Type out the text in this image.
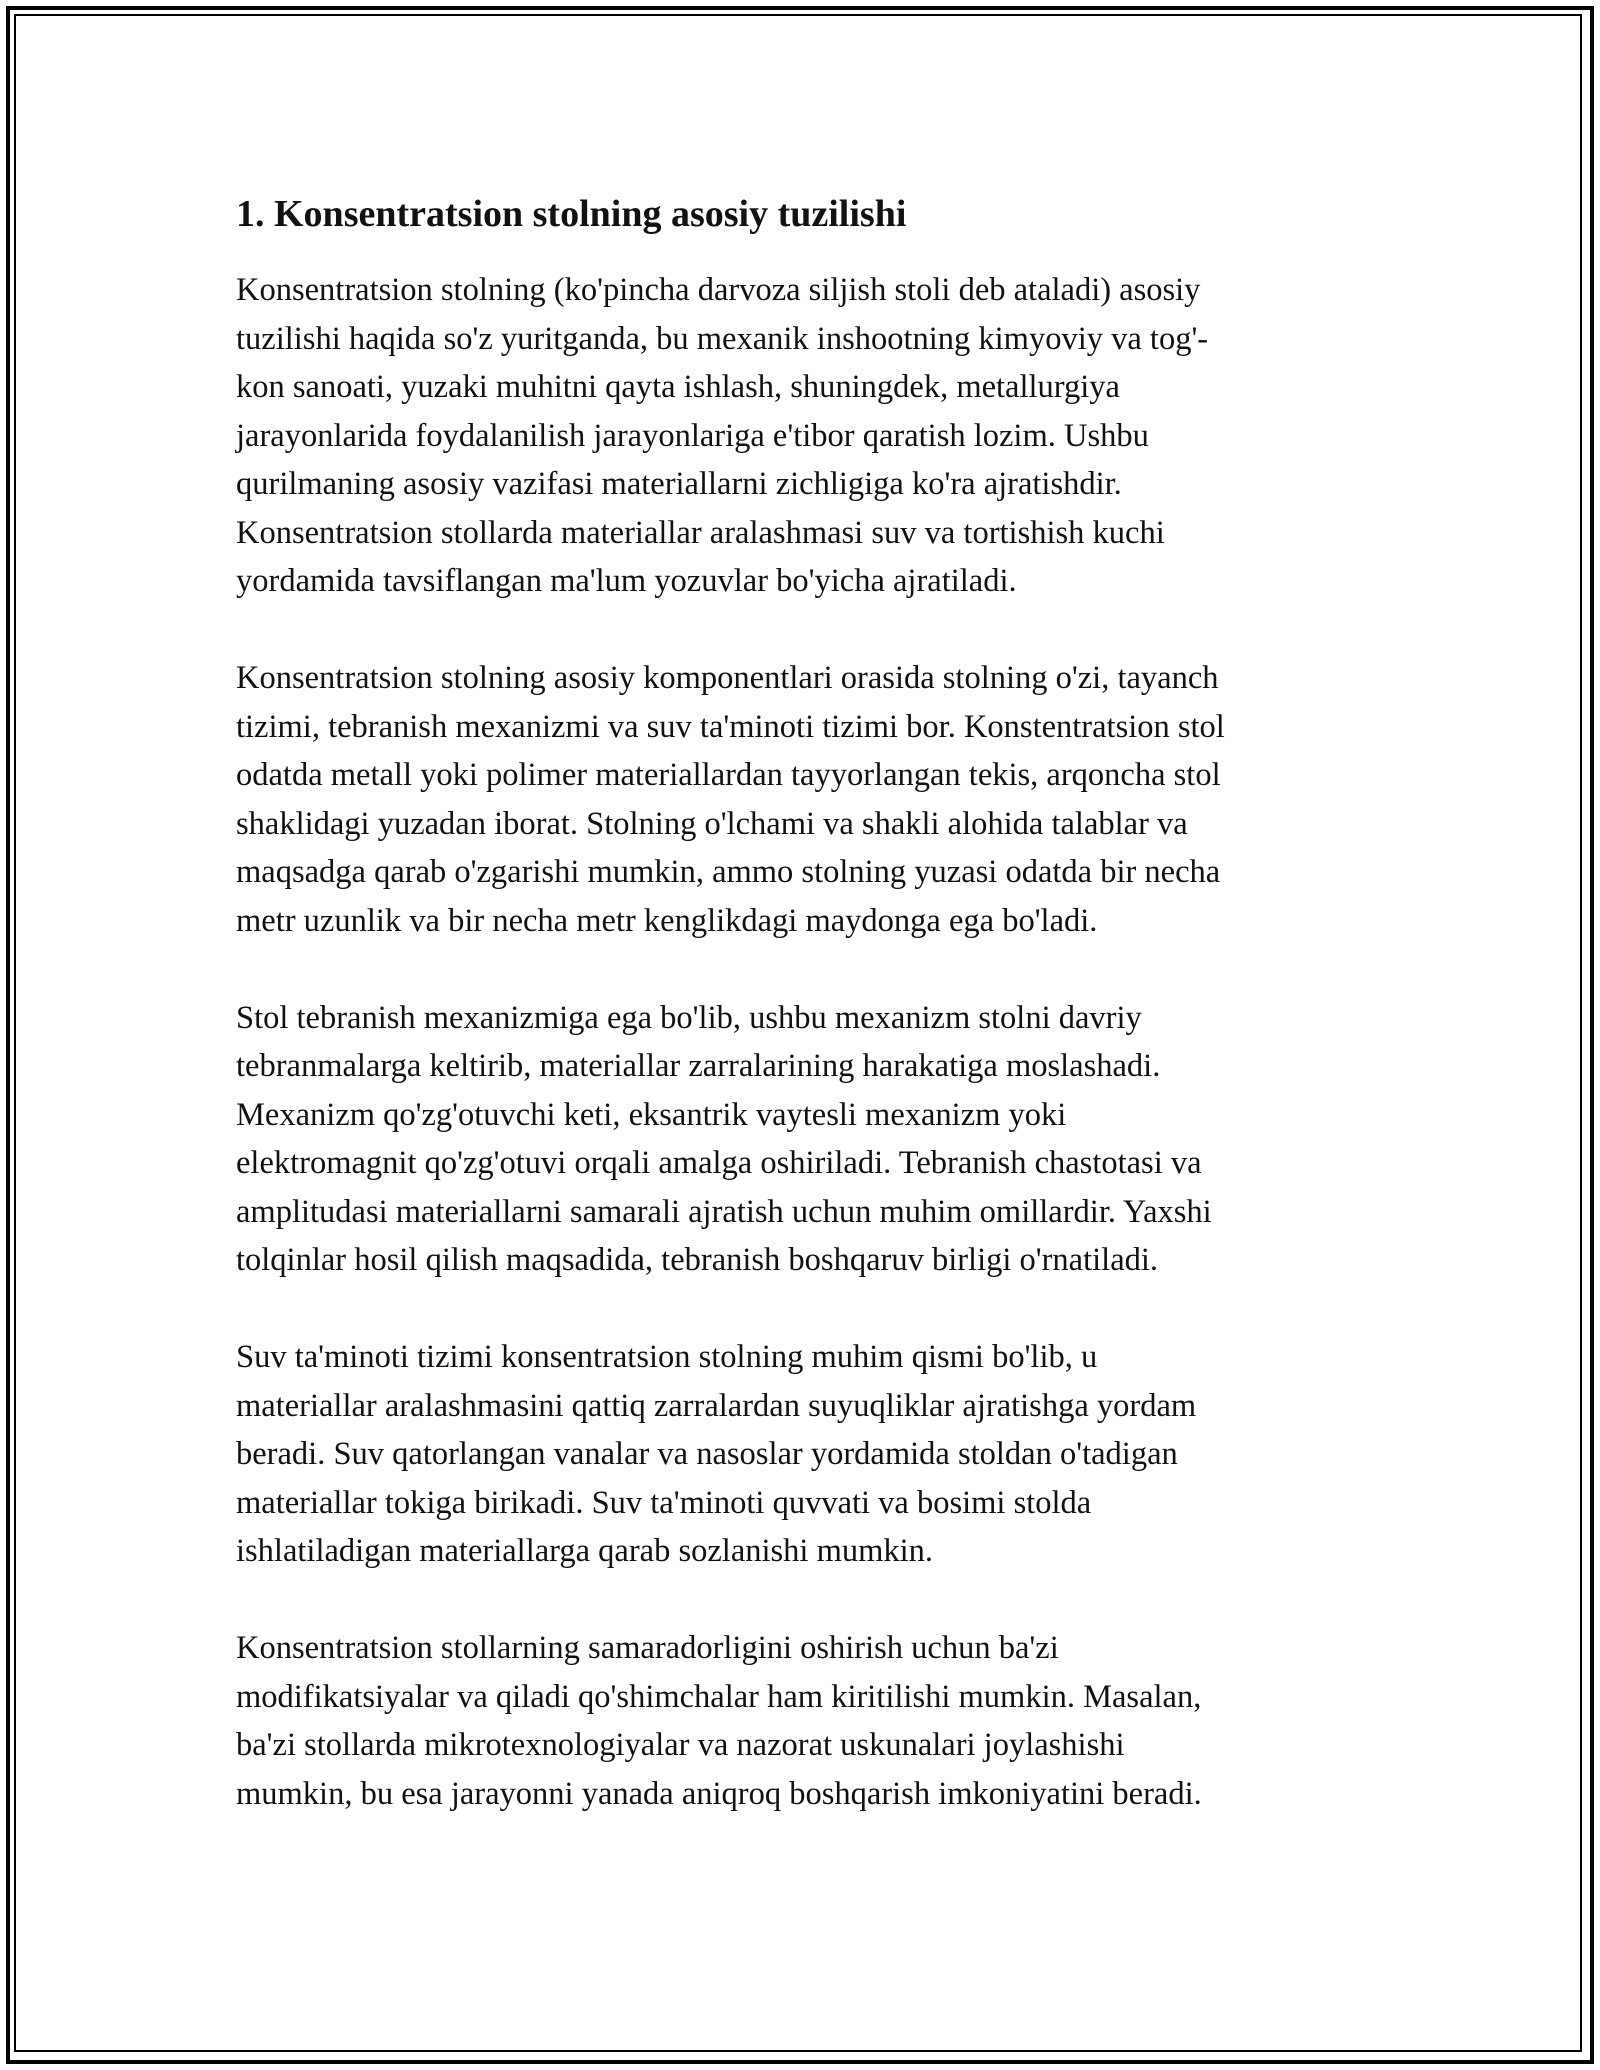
1. Konsentratsion stolning asosiy tuzilishi

Konsentratsion stolning (ko'pincha darvoza siljish stoli deb ataladi) asosiy
tuzilishi haqida so'z yuritganda, bu mexanik inshootning kimyoviy va tog'-
kon sanoati, yuzaki muhitni qayta ishlash, shuningdek, metallurgiya
jarayonlarida foydalanilish jarayonlariga e'tibor qaratish lozim. Ushbu
qurilmaning asosiy vazifasi materiallarni zichligiga ko'ra ajratishdir.
Konsentratsion stollarda materiallar aralashmasi suv va tortishish kuchi
yordamida tavsiflangan ma'lum yozuvlar bo'yicha ajratiladi.

Konsentratsion stolning asosiy komponentlari orasida stolning o'zi, tayanch
tizimi, tebranish mexanizmi va suv ta'minoti tizimi bor. Konstentratsion stol
odatda metall yoki polimer materiallardan tayyorlangan tekis, arqoncha stol
shaklidagi yuzadan iborat. Stolning o'lchami va shakli alohida talablar va
maqsadga qarab o'zgarishi mumkin, ammo stolning yuzasi odatda bir necha
metr uzunlik va bir necha metr kenglikdagi maydonga ega bo'ladi.

Stol tebranish mexanizmiga ega bo'lib, ushbu mexanizm stolni davriy
tebranmalarga keltirib, materiallar zarralarining harakatiga moslashadi.
Mexanizm qo'zg'otuvchi keti, eksantrik vaytesli mexanizm yoki
elektromagnit qo'zg'otuvi orqali amalga oshiriladi. Tebranish chastotasi va
amplitudasi materiallarni samarali ajratish uchun muhim omillardir. Yaxshi
tolqinlar hosil qilish maqsadida, tebranish boshqaruv birligi o'rnatiladi.

Suv ta'minoti tizimi konsentratsion stolning muhim qismi bo'lib, u
materiallar aralashmasini qattiq zarralardan suyuqliklar ajratishga yordam
beradi. Suv qatorlangan vanalar va nasoslar yordamida stoldan o'tadigan
materiallar tokiga birikadi. Suv ta'minoti quvvati va bosimi stolda
ishlatiladigan materiallarga qarab sozlanishi mumkin.

Konsentratsion stollarning samaradorligini oshirish uchun ba'zi
modifikatsiyalar va qiladi qo'shimchalar ham kiritilishi mumkin. Masalan,
ba'zi stollarda mikrotexnologiyalar va nazorat uskunalari joylashishi
mumkin, bu esa jarayonni yanada aniqroq boshqarish imkoniyatini beradi.
